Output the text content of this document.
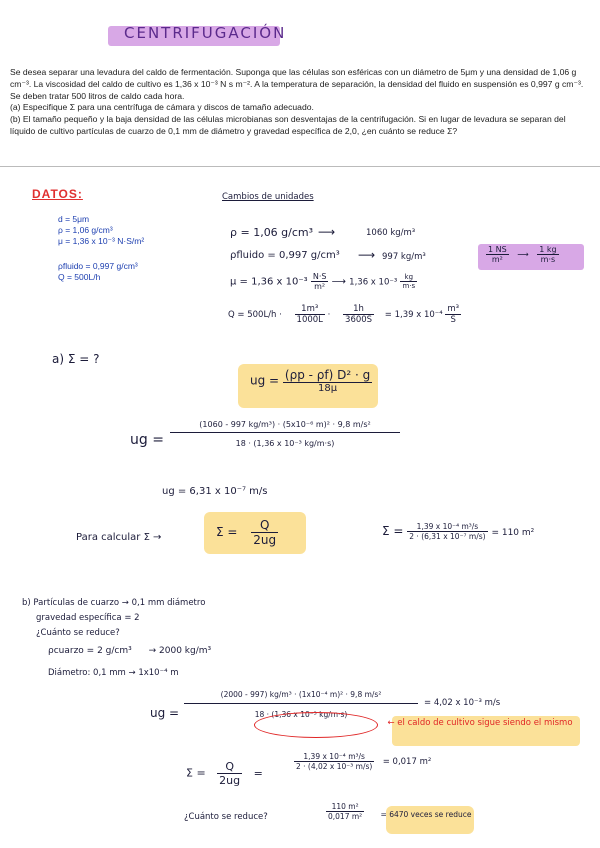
CENTRIFUGACIÓN

Se desea separar una levadura del caldo de fermentación. Suponga que las células son esféricas con un diámetro de 5μm y una densidad de 1,06 g cm⁻³. La viscosidad del caldo de cultivo es 1,36 x 10⁻³ N s m⁻². A la temperatura de separación, la densidad del fluido en suspensión es 0,997 g cm⁻³. Se deben tratar 500 litros de caldo cada hora.

(a) Especifique Σ para una centrífuga de cámara y discos de tamaño adecuado.

(b) El tamaño pequeño y la baja densidad de las células microbianas son desventajas de la centrifugación. Si en lugar de levadura se separan del líquido de cultivo partículas de cuarzo de 0,1 mm de diámetro y gravedad específica de 2,0, ¿en cuánto se reduce Σ?

DATOS:
d = 5μm
ρ = 1,06 g/cm³
μ = 1,36 x 10⁻³ N·S/m²
ρfluido = 0,997 g/cm³
Q = 500L/h
Cambios de unidades
ρ = 1,06 g/cm³ ⟶	1060 kg/m³
ρfluido = 0,997 g/cm³ ⟶ 997 kg/m³	$\frac{1 NS}{\text{m²}}$ ⟶ $\frac{1 kg}{m\cdot s}$
μ = 1,36 x $10^{-3} \frac{N\cdot S}{\text{m²}}$ ⟶ 1,36 x $10^{-3} \frac{kg}{m\cdot s}$
$Q = 500L/h \cdot \frac{\text{1m³}}{1000L} \cdot \frac{1h}{3600S} = 1,39$ x $10^{-4} \frac{\text{m³}}{S}$
a) Σ = ?
ug = (ρp - ρf) D² · g
18μ
ug = $\frac{\text{(1060 - 997 kg/m³) · (5x10⁻⁶ m)² · 9,8 m/s²}}{\text{18 · (1,36 x 10⁻³ kg/m·s)}}$
ug = 6,31 x 10⁻⁷ m/s
Para calcular Σ →	$\Sigma = \frac{Q}{2ug}$	$\Sigma = \frac{\text{1,39 x 10⁻⁴ m³/s}}{\text{2 · (6,31 x 10⁻⁷ m/s)}} = 110$ m²
b) Partículas de cuarzo → 0,1 mm diámetro
gravedad específica = 2
¿Cuánto se reduce?
ρcuarzo = 2 g/cm³ → 2000 kg/m³
Diámetro: 0,1 mm → 1x10⁻⁴ m
ug = $\frac{\text{(2000 - 997) kg/m³ · (1x10⁻⁴ m)² · 9,8 m/s²}}{\text{18 · (1,36 x 10⁻³ kg/m·s)}} = 4,02$ x 10⁻³ m/s
← el caldo de cultivo sigue siendo el mismo
$\Sigma = \frac{Q}{2ug}$ =
$\frac{\text{1,39 x 10⁻⁴ m³/s}}{\text{2 · (4,02 x 10⁻³ m/s)}} = 0,017$ m²
¿Cuánto se reduce?	$\frac{\text{110 m²}}{\text{0,017 m²}}$	= 6470 veces se reduce
